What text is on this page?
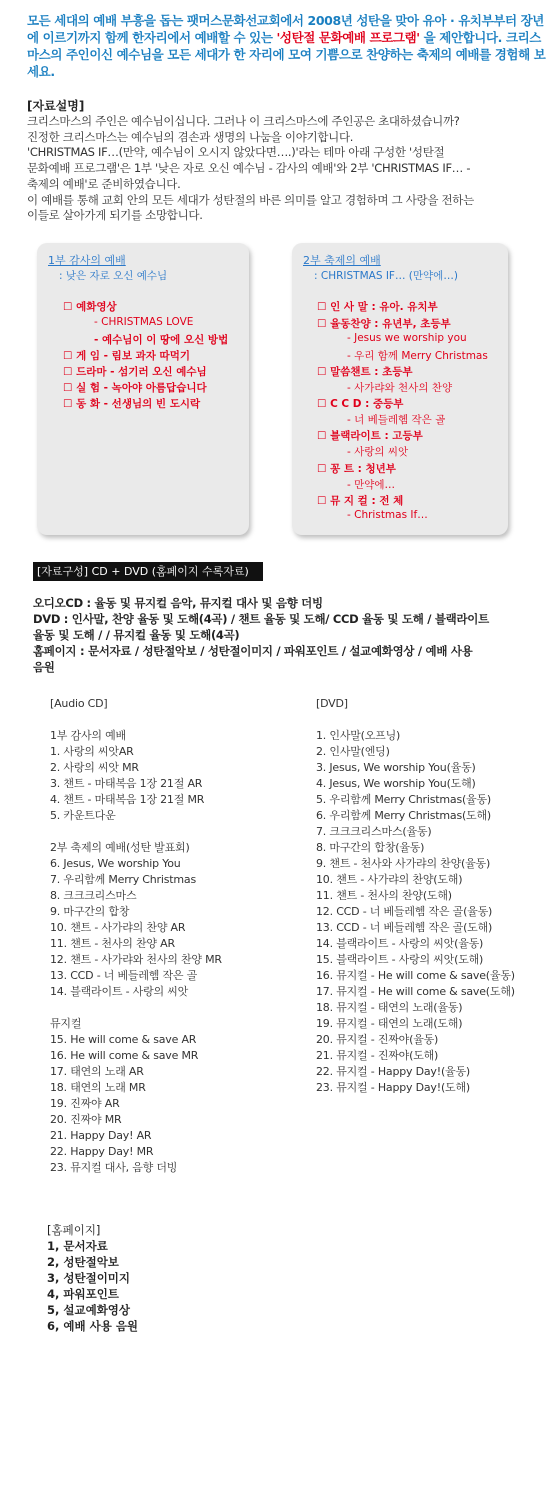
모든 세대의 예배 부흥을 돕는 팻머스문화선교회에서 2008년 성탄을 맞아 유아 · 유치부부터 장년에 이르기까지 함께 한자리에서 예배할 수 있는 '성탄절 문화예배 프로그램' 을 제안합니다. 크리스마스의 주인이신 예수님을 모든 세대가 한 자리에 모여 기쁨으로 찬양하는 축제의 예배를 경험해 보세요.
[자료설명]
크리스마스의 주인은 예수님이십니다. 그러나 이 크리스마스에 주인공은 초대하셨습니까?
진정한 크리스마스는 예수님의 겸손과 생명의 나눔을 이야기합니다.
'CHRISTMAS IF…(만약, 예수님이 오시지 않았다면….)'라는 테마 아래 구성한 '성탄절
문화예배 프로그램'은 1부 '낮은 자로 오신 예수님 - 감사의 예배'와 2부 'CHRISTMAS IF… -
축제의 예배'로 준비하였습니다.
이 예배를 통해 교회 안의 모든 세대가 성탄절의 바른 의미를 알고 경험하며 그 사랑을 전하는
이들로 살아가게 되기를 소망합니다.
1부 감사의 예배
: 낮은 자로 오신 예수님
☐ 예화영상
- CHRISTMAS LOVE
- 예수님이 이 땅에 오신 방법
☐ 게 임 - 림보 과자 따먹기
☐ 드라마 - 섬기러 오신 예수님
☐ 실 험 - 녹아야 아름답습니다
☐ 동 화 - 선생님의 빈 도시락
2부 축제의 예배
: CHRISTMAS IF… (만약에…)
☐ 인 사 말 : 유아. 유치부
☐ 율동찬양 : 유년부, 초등부
- Jesus we worship you
- 우리 함께 Merry Christmas
☐ 말씀챈트 : 초등부
- 사가랴와 천사의 찬양
☐ C C D : 중등부
- 너 베들레헴 작은 골
☐ 블랙라이트 : 고등부
- 사랑의 씨앗
☐ 꽁 트 : 청년부
- 만약에…
☐ 뮤 지 컬 : 전 체
- Christmas If…
[자료구성] CD + DVD (홈페이지 수록자료)
오디오CD : 율동 및 뮤지컬 음악, 뮤지컬 대사 및 음향 더빙
DVD : 인사말, 찬양 율동 및 도해(4곡) / 챈트 율동 및 도해/ CCD 율동 및 도해 / 블랙라이트
율동 및 도해 / / 뮤지컬 율동 및 도해(4곡)
홈페이지 : 문서자료 / 성탄절악보 / 성탄절이미지 / 파워포인트 / 설교예화영상 / 예배 사용
음원
[Audio CD]
1부 감사의 예배
1. 사랑의 씨앗AR
2. 사랑의 씨앗 MR
3. 챈트 - 마태복음 1장 21절 AR
4. 챈트 - 마태복음 1장 21절 MR
5. 카운트다운
2부 축제의 예배(성탄 발표회)
6. Jesus, We worship You
7. 우리함께 Merry Christmas
8. 크크크리스마스
9. 마구간의 합창
10. 챈트 - 사가랴의 찬양 AR
11. 챈트 - 천사의 찬양 AR
12. 챈트 - 사가랴와 천사의 찬양 MR
13. CCD - 너 베들레헴 작은 골
14. 블랙라이트 - 사랑의 씨앗
뮤지컬
15. He will come & save AR
16. He will come & save MR
17. 태연의 노래 AR
18. 태연의 노래 MR
19. 진짜야 AR
20. 진짜야 MR
21. Happy Day! AR
22. Happy Day! MR
23. 뮤지컬 대사, 음향 더빙
[DVD]
1. 인사말(오프닝)
2. 인사말(엔딩)
3. Jesus, We worship You(율동)
4. Jesus, We worship You(도해)
5. 우리함께 Merry Christmas(율동)
6. 우리함께 Merry Christmas(도해)
7. 크크크리스마스(율동)
8. 마구간의 합창(율동)
9. 챈트 - 천사와 사가랴의 찬양(율동)
10. 챈트 - 사가랴의 찬양(도해)
11. 챈트 - 천사의 찬양(도해)
12. CCD - 너 베들레헴 작은 골(율동)
13. CCD - 너 베들레헴 작은 골(도해)
14. 블랙라이트 - 사랑의 씨앗(율동)
15. 블랙라이트 - 사랑의 씨앗(도해)
16. 뮤지컬 - He will come & save(율동)
17. 뮤지컬 - He will come & save(도해)
18. 뮤지컬 - 태연의 노래(율동)
19. 뮤지컬 - 태연의 노래(도해)
20. 뮤지컬 - 진짜야(율동)
21. 뮤지컬 - 진짜야(도해)
22. 뮤지컬 - Happy Day!(율동)
23. 뮤지컬 - Happy Day!(도해)
[홈페이지]
1, 문서자료
2, 성탄절악보
3, 성탄절이미지
4, 파워포인트
5, 설교예화영상
6, 예배 사용 음원
